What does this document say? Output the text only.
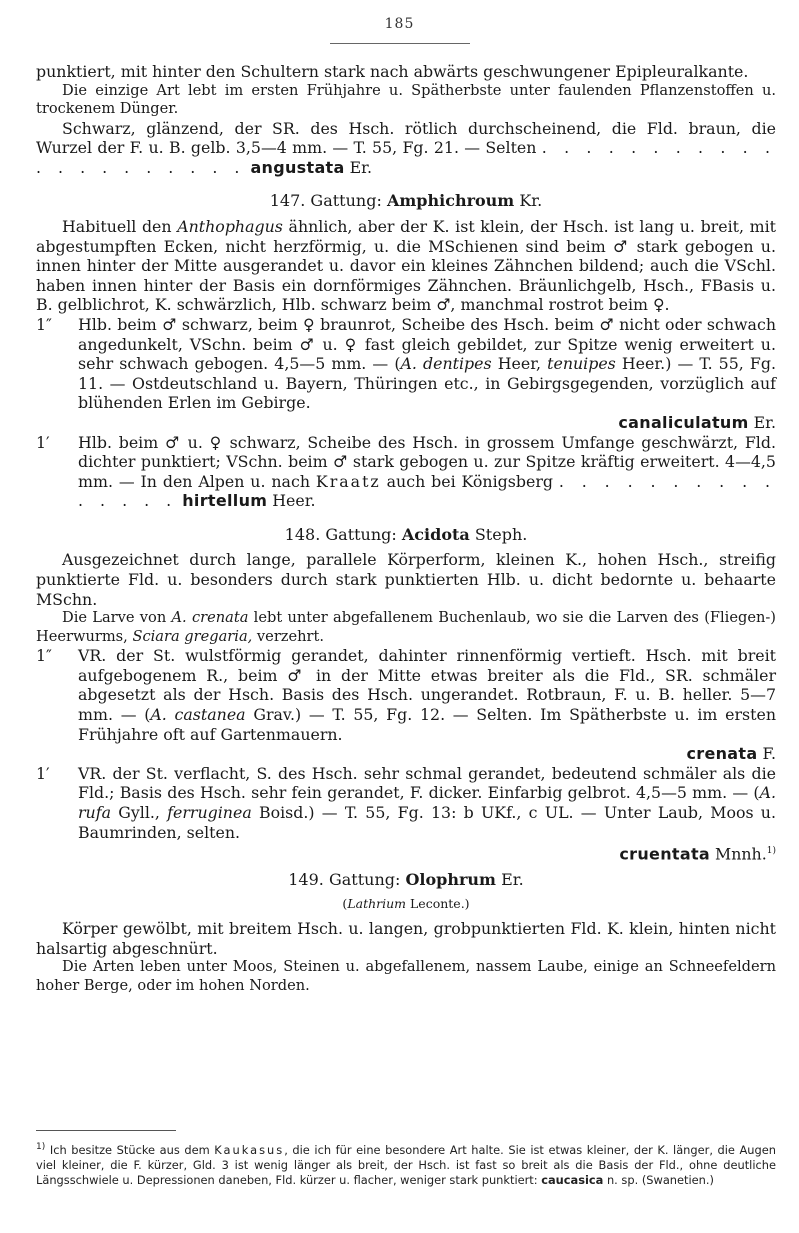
185

punktiert, mit hinter den Schultern stark nach abwärts geschwungener Epipleuralkante.

Die einzige Art lebt im ersten Frühjahre u. Spätherbste unter faulenden Pflanzenstoffen u. trockenem Dünger.

Schwarz, glänzend, der SR. des Hsch. rötlich durchscheinend, die Fld. braun, die Wurzel der F. u. B. gelb. 3,5—4 mm. — T. 55, Fg. 21. — Selten . . . . . . . . . . . . . . . . . . . . . angustata Er.

147. Gattung: Amphichroum Kr.

Habituell den Anthophagus ähnlich, aber der K. ist klein, der Hsch. ist lang u. breit, mit abgestumpften Ecken, nicht herzförmig, u. die MSchienen sind beim ♂ stark gebogen u. innen hinter der Mitte ausgerandet u. davor ein kleines Zähnchen bildend; auch die VSchl. haben innen hinter der Basis ein dornförmiges Zähnchen. Bräunlichgelb, Hsch., FBasis u. B. gelblichrot, K. schwärzlich, Hlb. schwarz beim ♂, manchmal rostrot beim ♀.

1″ Hlb. beim ♂ schwarz, beim ♀ braunrot, Scheibe des Hsch. beim ♂ nicht oder schwach angedunkelt, VSchn. beim ♂ u. ♀ fast gleich gebildet, zur Spitze wenig erweitert u. sehr schwach gebogen. 4,5—5 mm. — (A. dentipes Heer, tenuipes Heer.) — T. 55, Fg. 11. — Ostdeutschland u. Bayern, Thüringen etc., in Gebirgsgegenden, vorzüglich auf blühenden Erlen im Gebirge.
canaliculatum Er.
1′ Hlb. beim ♂ u. ♀ schwarz, Scheibe des Hsch. in grossem Umfange geschwärzt, Fld. dichter punktiert; VSchn. beim ♂ stark gebogen u. zur Spitze kräftig erweitert. 4—4,5 mm. — In den Alpen u. nach Kraatz auch bei Königsberg . . . . . . . . . . . . . . . hirtellum Heer.
148. Gattung: Acidota Steph.

Ausgezeichnet durch lange, parallele Körperform, kleinen K., hohen Hsch., streifig punktierte Fld. u. besonders durch stark punktierten Hlb. u. dicht bedornte u. behaarte MSchn.

Die Larve von A. crenata lebt unter abgefallenem Buchenlaub, wo sie die Larven des (Fliegen-) Heerwurms, Sciara gregaria, verzehrt.

1″ VR. der St. wulstförmig gerandet, dahinter rinnenförmig vertieft. Hsch. mit breit aufgebogenem R., beim ♂ in der Mitte etwas breiter als die Fld., SR. schmäler abgesetzt als der Hsch. Basis des Hsch. ungerandet. Rotbraun, F. u. B. heller. 5—7 mm. — (A. castanea Grav.) — T. 55, Fg. 12. — Selten. Im Spätherbste u. im ersten Frühjahre oft auf Gartenmauern.
crenata F.
1′ VR. der St. verflacht, S. des Hsch. sehr schmal gerandet, bedeutend schmäler als die Fld.; Basis des Hsch. sehr fein gerandet, F. dicker. Einfarbig gelbrot. 4,5—5 mm. — (A. rufa Gyll., ferruginea Boisd.) — T. 55, Fg. 13: b UKf., c UL. — Unter Laub, Moos u. Baumrinden, selten.
cruentata Mnnh.$^{1)}$
149. Gattung: Olophrum Er.
(Lathrium Leconte.)

Körper gewölbt, mit breitem Hsch. u. langen, grobpunktierten Fld. K. klein, hinten nicht halsartig abgeschnürt.

Die Arten leben unter Moos, Steinen u. abgefallenem, nassem Laube, einige an Schneefeldern hoher Berge, oder im hohen Norden.

$^{1)}$ Ich besitze Stücke aus dem Kaukasus, die ich für eine besondere Art halte. Sie ist etwas kleiner, der K. länger, die Augen viel kleiner, die F. kürzer, Gld. 3 ist wenig länger als breit, der Hsch. ist fast so breit als die Basis der Fld., ohne deutliche Längsschwiele u. Depressionen daneben, Fld. kürzer u. flacher, weniger stark punktiert: caucasica n. sp. (Swanetien.)
